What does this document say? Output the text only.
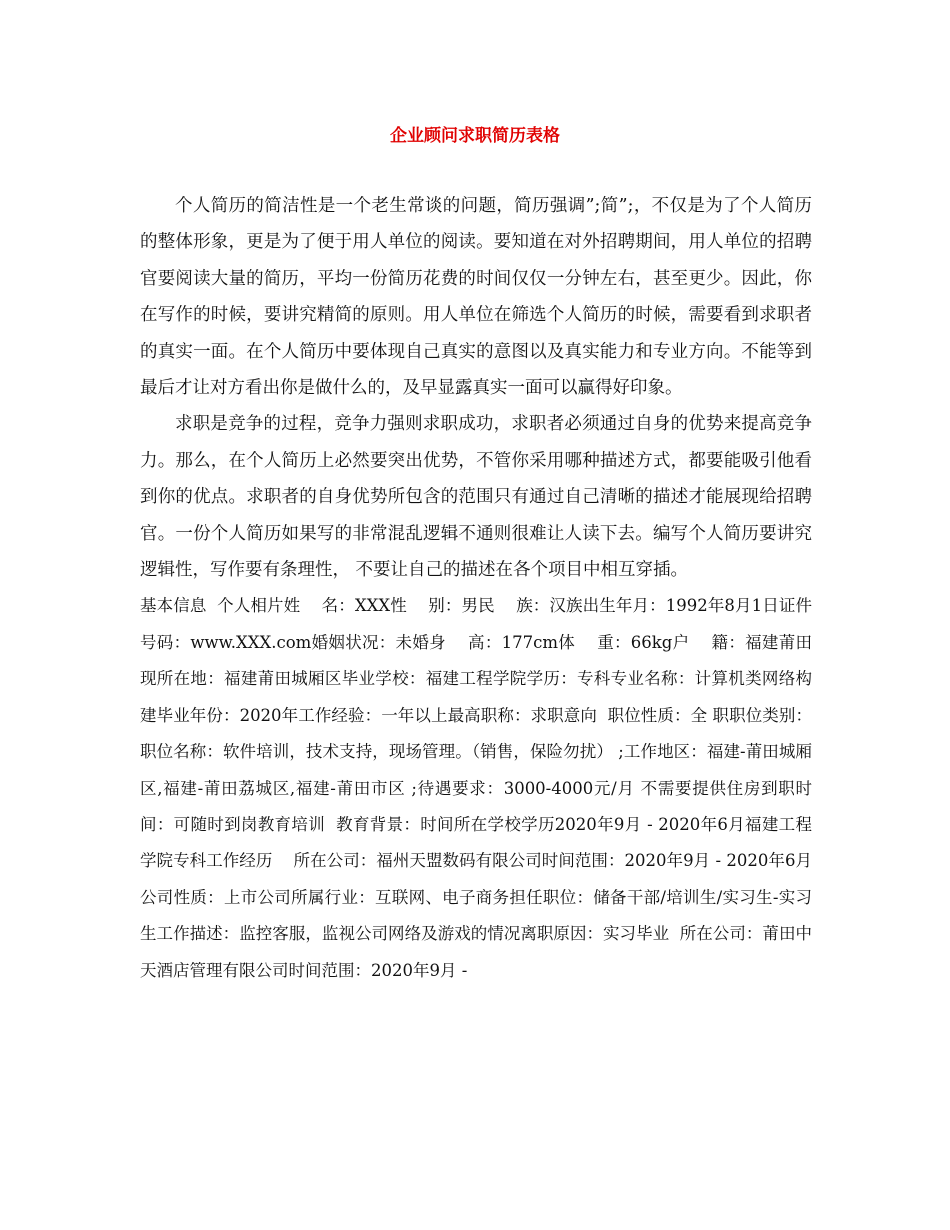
企业顾问求职简历表格

个人简历的简洁性是一个老生常谈的问题，简历强调”;简”;，不仅是为了个人简历的整体形象，更是为了便于用人单位的阅读。要知道在对外招聘期间，用人单位的招聘官要阅读大量的简历，平均一份简历花费的时间仅仅一分钟左右，甚至更少。因此，你在写作的时候，要讲究精简的原则。用人单位在筛选个人简历的时候，需要看到求职者的真实一面。在个人简历中要体现自己真实的意图以及真实能力和专业方向。不能等到最后才让对方看出你是做什么的，及早显露真实一面可以赢得好印象。

求职是竞争的过程，竞争力强则求职成功，求职者必须通过自身的优势来提高竞争力。那么，在个人简历上必然要突出优势，不管你采用哪种描述方式，都要能吸引他看到你的优点。求职者的自身优势所包含的范围只有通过自己清晰的描述才能展现给招聘官。一份个人简历如果写的非常混乱逻辑不通则很难让人读下去。编写个人简历要讲究逻辑性，写作要有条理性， 不要让自己的描述在各个项目中相互穿插。

基本信息  个人相片姓    名：XXX性    别：男民    族：汉族出生年月：1992年8月1日证件号码：www.XXX.com婚姻状况：未婚身    高：177cm体    重：66kg户    籍：福建莆田现所在地：福建莆田城厢区毕业学校：福建工程学院学历：专科专业名称：计算机类网络构建毕业年份：2020年工作经验：一年以上最高职称：求职意向  职位性质：全 职职位类别：职位名称：软件培训，技术支持，现场管理。（销售，保险勿扰） ;工作地区：福建-莆田城厢区,福建-莆田荔城区,福建-莆田市区 ;待遇要求：3000-4000元/月 不需要提供住房到职时间：可随时到岗教育培训  教育背景：时间所在学校学历2020年9月 - 2020年6月福建工程学院专科工作经历    所在公司：福州天盟数码有限公司时间范围：2020年9月 - 2020年6月公司性质：上市公司所属行业：互联网、电子商务担任职位：储备干部/培训生/实习生-实习生工作描述：监控客服，监视公司网络及游戏的情况离职原因：实习毕业  所在公司：莆田中天酒店管理有限公司时间范围：2020年9月 -
